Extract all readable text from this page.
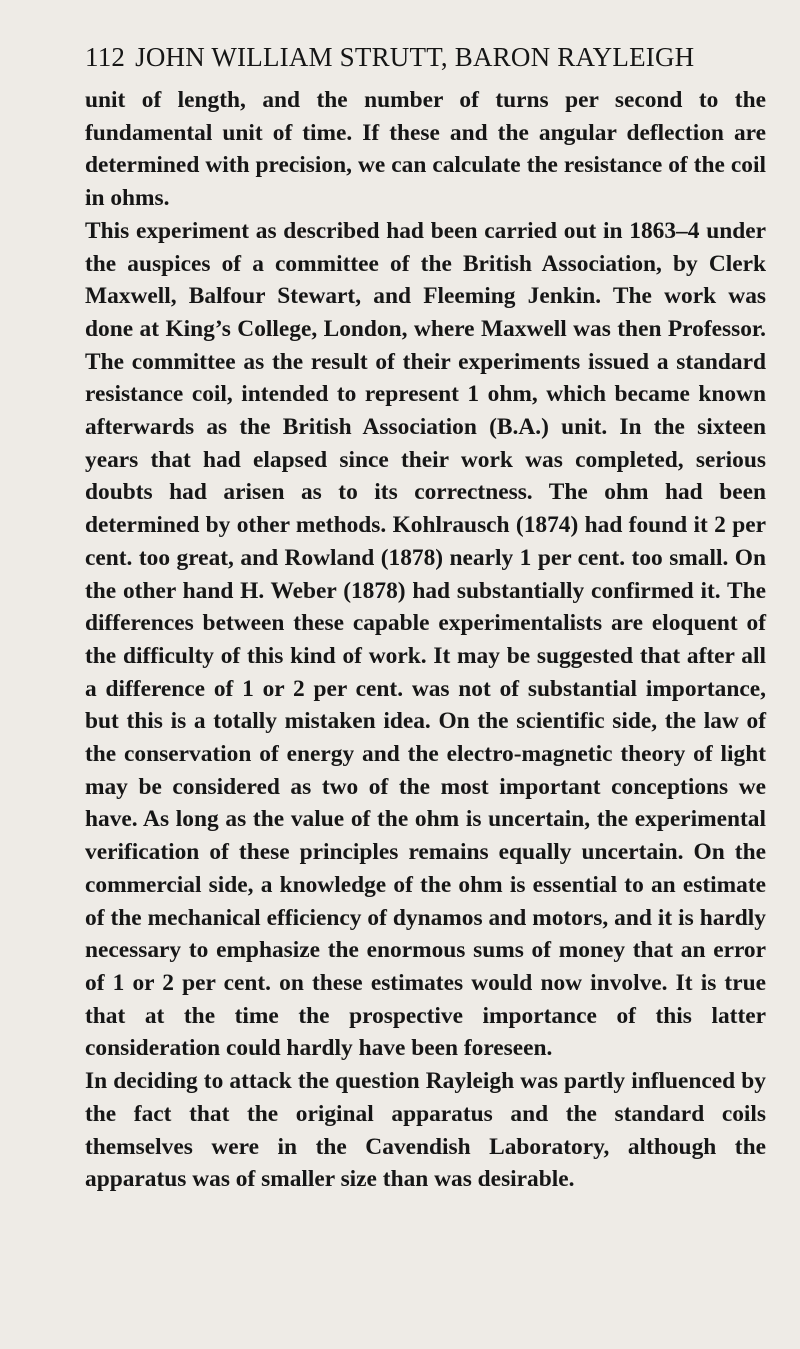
112 JOHN WILLIAM STRUTT, BARON RAYLEIGH

unit of length, and the number of turns per second to the fundamental unit of time. If these and the angular deflection are determined with precision, we can calculate the resistance of the coil in ohms.

This experiment as described had been carried out in 1863–4 under the auspices of a committee of the British Association, by Clerk Maxwell, Balfour Stewart, and Fleeming Jenkin. The work was done at King’s College, London, where Maxwell was then Professor. The committee as the result of their experiments issued a standard resistance coil, intended to represent 1 ohm, which became known afterwards as the British Association (B.A.) unit. In the sixteen years that had elapsed since their work was completed, serious doubts had arisen as to its correctness. The ohm had been determined by other methods. Kohlrausch (1874) had found it 2 per cent. too great, and Rowland (1878) nearly 1 per cent. too small. On the other hand H. Weber (1878) had substantially confirmed it. The differences between these capable experimentalists are eloquent of the difficulty of this kind of work. It may be suggested that after all a difference of 1 or 2 per cent. was not of substantial importance, but this is a totally mistaken idea. On the scientific side, the law of the conservation of energy and the electro-magnetic theory of light may be considered as two of the most important conceptions we have. As long as the value of the ohm is uncertain, the experimental verification of these principles remains equally uncertain. On the commercial side, a knowledge of the ohm is essential to an estimate of the mechanical efficiency of dynamos and motors, and it is hardly necessary to emphasize the enormous sums of money that an error of 1 or 2 per cent. on these estimates would now involve. It is true that at the time the prospective importance of this latter consideration could hardly have been foreseen.

In deciding to attack the question Rayleigh was partly influenced by the fact that the original apparatus and the standard coils themselves were in the Cavendish Laboratory, although the apparatus was of smaller size than was desirable.
